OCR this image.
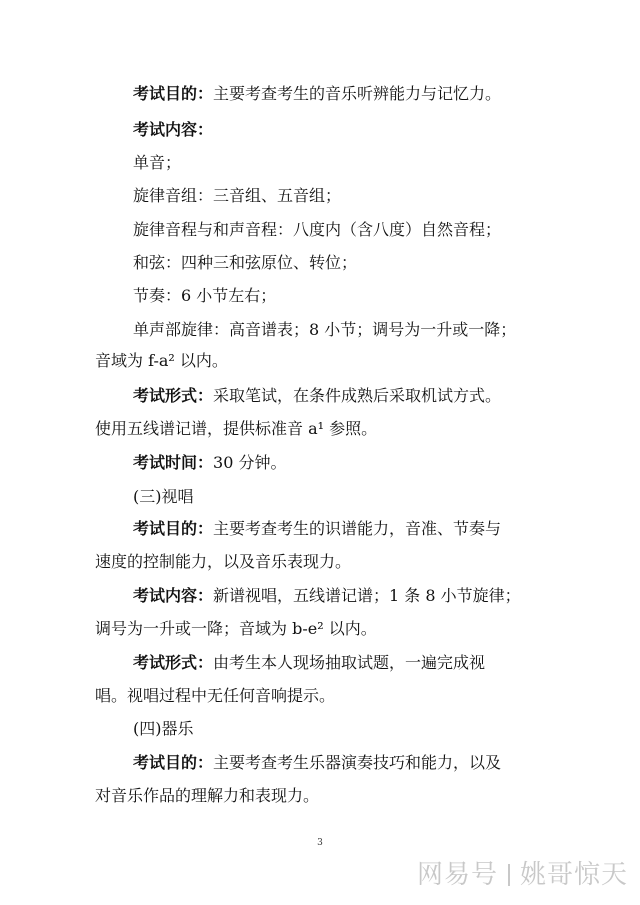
考试目的：主要考查考生的音乐听辨能力与记忆力。
考试内容：
单音；
旋律音组：三音组、五音组；
旋律音程与和声音程：八度内（含八度）自然音程；
和弦：四种三和弦原位、转位；
节奏：6 小节左右；
单声部旋律：高音谱表；8 小节；调号为一升或一降；
音域为 f-a² 以内。
考试形式：采取笔试，在条件成熟后采取机试方式。
使用五线谱记谱，提供标准音 a¹ 参照。
考试时间：30 分钟。
(三)视唱
考试目的：主要考查考生的识谱能力，音准、节奏与
速度的控制能力，以及音乐表现力。
考试内容：新谱视唱，五线谱记谱；1 条 8 小节旋律；
调号为一升或一降；音域为 b-e² 以内。
考试形式：由考生本人现场抽取试题，一遍完成视
唱。视唱过程中无任何音响提示。
(四)器乐
考试目的：主要考查考生乐器演奏技巧和能力，以及
对音乐作品的理解力和表现力。
3
网易号 姚哥惊天
